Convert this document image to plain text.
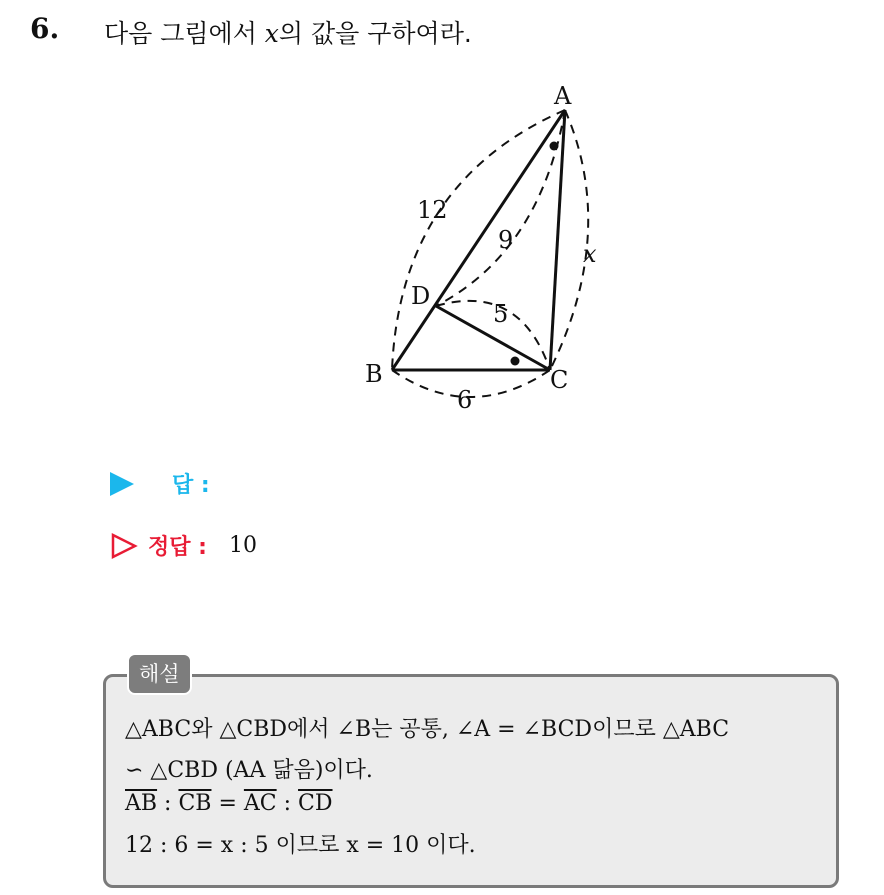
6. 다음 그림에서 x의 값을 구하여라.
A
B	C
D
12
9
5
6
x
답 :
정답 : 10
해설
△ABC와 △CBD에서 ∠B는 공통, ∠A = ∠BCD이므로 △ABC
∽ △CBD (AA 닮음)이다.
$\overline{AB}$ : $\overline{CB} = \overline{AC}$ : $\overline{CD}$
12 : 6 = x : 5 이므로 x = 10 이다.
